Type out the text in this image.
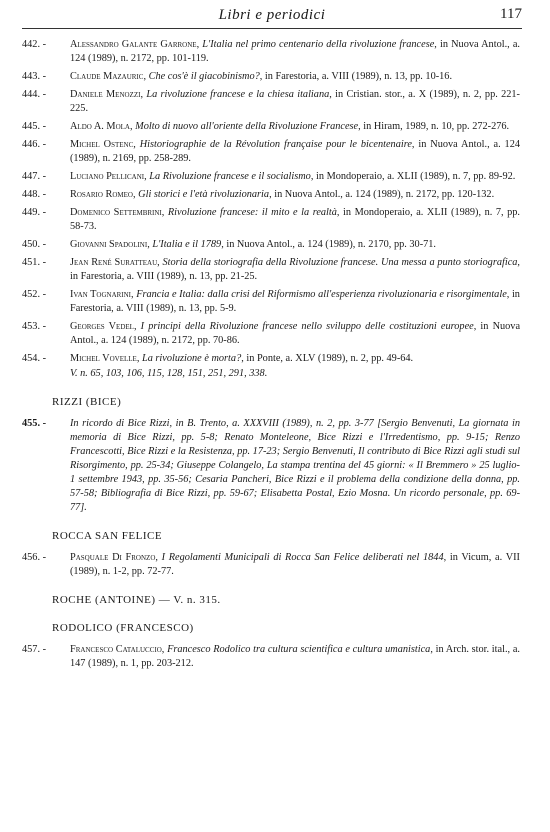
Libri e periodici	117
442. -	Alessandro Galante Garrone, L'Italia nel primo centenario della rivoluzione francese, in Nuova Antol., a. 124 (1989), n. 2172, pp. 101-119.
443. -	Claude Mazauric, Che cos'è il giacobinismo?, in Farestoria, a. VIII (1989), n. 13, pp. 10-16.
444. -	Daniele Menozzi, La rivoluzione francese e la chiesa italiana, in Cristian. stor., a. X (1989), n. 2, pp. 221-225.
445. -	Aldo A. Mola, Molto di nuovo all'oriente della Rivoluzione Francese, in Hiram, 1989, n. 10, pp. 272-276.
446. -	Michel Ostenc, Historiographie de la Révolution française pour le bicentenaire, in Nuova Antol., a. 124 (1989), n. 2169, pp. 258-289.
447. -	Luciano Pellicani, La Rivoluzione francese e il socialismo, in Mondoperaio, a. XLII (1989), n. 7, pp. 89-92.
448. -	Rosario Romeo, Gli storici e l'età rivoluzionaria, in Nuova Antol., a. 124 (1989), n. 2172, pp. 120-132.
449. -	Domenico Settembrini, Rivoluzione francese: il mito e la realtà, in Mondoperaio, a. XLII (1989), n. 7, pp. 58-73.
450. -	Giovanni Spadolini, L'Italia e il 1789, in Nuova Antol., a. 124 (1989), n. 2170, pp. 30-71.
451. -	Jean René Suratteau, Storia della storiografia della Rivoluzione francese. Una messa a punto storiografica, in Farestoria, a. VIII (1989), n. 13, pp. 21-25.
452. -	Ivan Tognarini, Francia e Italia: dalla crisi del Riformismo all'esperienza rivoluzionaria e risorgimentale, in Farestoria, a. VIII (1989), n. 13, pp. 5-9.
453. -	Georges Vedel, I principi della Rivoluzione francese nello sviluppo delle costituzioni europee, in Nuova Antol., a. 124 (1989), n. 2172, pp. 70-86.
454. -	Michel Vovelle, La rivoluzione è morta?, in Ponte, a. XLV (1989), n. 2, pp. 49-64.
V. n. 65, 103, 106, 115, 128, 151, 251, 291, 338.
RIZZI (BICE)
455. -	In ricordo di Bice Rizzi, in B. Trento, a. XXXVIII (1989), n. 2, pp. 3-77 [Sergio Benvenuti, La giornata in memoria di Bice Rizzi, pp. 5-8; Renato Monteleone, Bice Rizzi e l'Irredentismo, pp. 9-15; Renzo Francescotti, Bice Rizzi e la Resistenza, pp. 17-23; Sergio Benvenuti, Il contributo di Bice Rizzi agli studi sul Risorgimento, pp. 25-34; Giuseppe Colangelo, La stampa trentina del 45 giorni: « Il Bremmero » 25 luglio-1 settembre 1943, pp. 35-56; Cesaria Pancheri, Bice Rizzi e il problema della condizione della donna, pp. 57-58; Bibliografia di Bice Rizzi, pp. 59-67; Elisabetta Postal, Ezio Mosna. Un ricordo personale, pp. 69-77].
ROCCA SAN FELICE
456. -	Pasquale Di Fronzo, I Regolamenti Municipali di Rocca San Felice deliberati nel 1844, in Vicum, a. VII (1989), n. 1-2, pp. 72-77.
ROCHE (ANTOINE) — V. n. 315.
RODOLICO (FRANCESCO)
457. -	Francesco Cataluccio, Francesco Rodolico tra cultura scientifica e cultura umanistica, in Arch. stor. ital., a. 147 (1989), n. 1, pp. 203-212.
